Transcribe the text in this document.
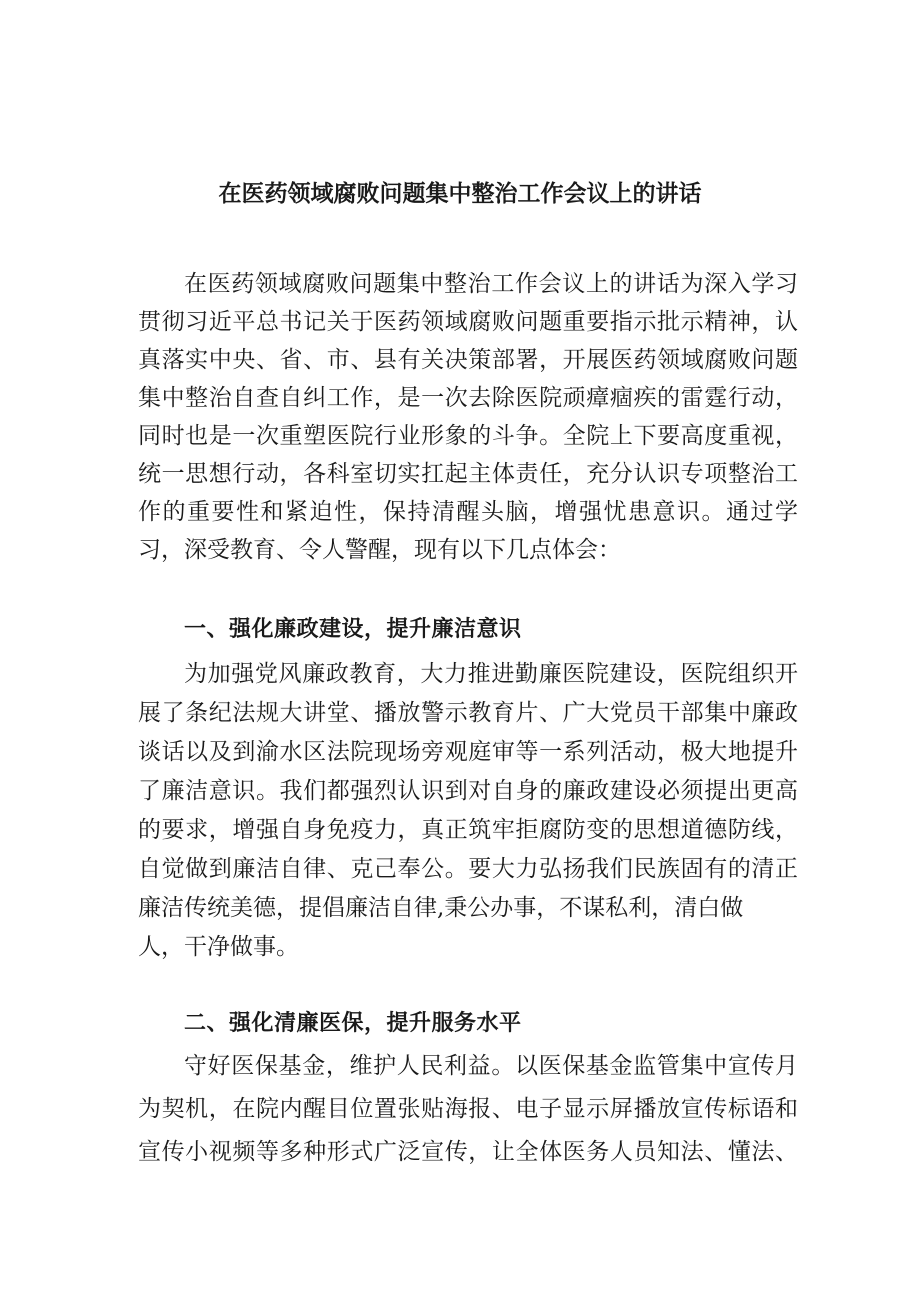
在医药领域腐败问题集中整治工作会议上的讲话

在医药领域腐败问题集中整治工作会议上的讲话为深入学习

贯彻习近平总书记关于医药领域腐败问题重要指示批示精神，认

真落实中央、省、市、县有关决策部署，开展医药领域腐败问题

集中整治自查自纠工作，是一次去除医院顽瘴痼疾的雷霆行动，

同时也是一次重塑医院行业形象的斗争。全院上下要高度重视，

统一思想行动，各科室切实扛起主体责任，充分认识专项整治工

作的重要性和紧迫性，保持清醒头脑，增强忧患意识。通过学

习，深受教育、令人警醒，现有以下几点体会：

一、强化廉政建设，提升廉洁意识

为加强党风廉政教育，大力推进勤廉医院建设，医院组织开

展了条纪法规大讲堂、播放警示教育片、广大党员干部集中廉政

谈话以及到渝水区法院现场旁观庭审等一系列活动，极大地提升

了廉洁意识。我们都强烈认识到对自身的廉政建设必须提出更高

的要求，增强自身免疫力，真正筑牢拒腐防变的思想道德防线，

自觉做到廉洁自律、克己奉公。要大力弘扬我们民族固有的清正

廉洁传统美德，提倡廉洁自律,秉公办事，不谋私利，清白做

人，干净做事。

二、强化清廉医保，提升服务水平

守好医保基金，维护人民利益。以医保基金监管集中宣传月

为契机，在院内醒目位置张贴海报、电子显示屏播放宣传标语和

宣传小视频等多种形式广泛宣传，让全体医务人员知法、懂法、
